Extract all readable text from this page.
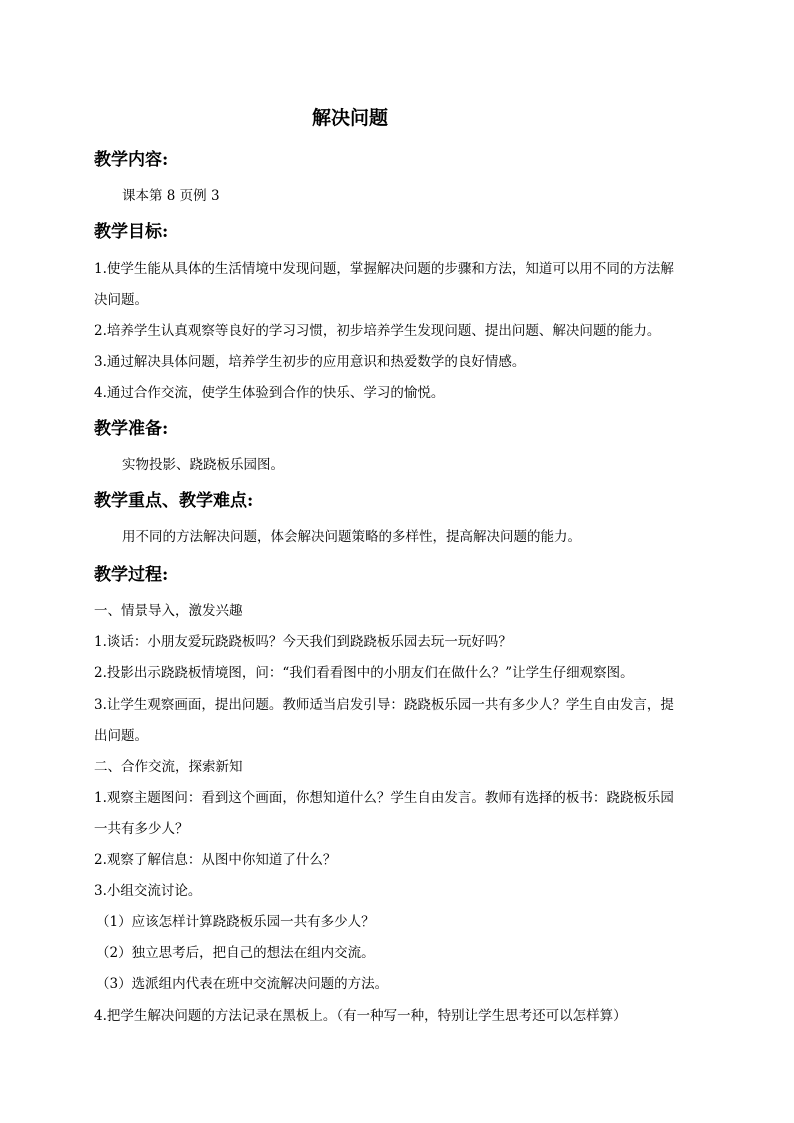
解决问题
教学内容:
课本第 8 页例 3
教学目标:
1.使学生能从具体的生活情境中发现问题，掌握解决问题的步骤和方法，知道可以用不同的方法解
决问题。
2.培养学生认真观察等良好的学习习惯，初步培养学生发现问题、提出问题、解决问题的能力。
3.通过解决具体问题，培养学生初步的应用意识和热爱数学的良好情感。
4.通过合作交流，使学生体验到合作的快乐、学习的愉悦。
教学准备:
实物投影、跷跷板乐园图。
教学重点、教学难点:
用不同的方法解决问题，体会解决问题策略的多样性，提高解决问题的能力。
教学过程:
一、情景导入，激发兴趣
1.谈话：小朋友爱玩跷跷板吗？今天我们到跷跷板乐园去玩一玩好吗？
2.投影出示跷跷板情境图，问：“我们看看图中的小朋友们在做什么？”让学生仔细观察图。
3.让学生观察画面，提出问题。教师适当启发引导：跷跷板乐园一共有多少人？学生自由发言，提
出问题。
二、合作交流，探索新知
1.观察主题图问：看到这个画面，你想知道什么？学生自由发言。教师有选择的板书：跷跷板乐园
一共有多少人？
2.观察了解信息：从图中你知道了什么？
3.小组交流讨论。
（1）应该怎样计算跷跷板乐园一共有多少人？
（2）独立思考后，把自己的想法在组内交流。
（3）选派组内代表在班中交流解决问题的方法。
4.把学生解决问题的方法记录在黑板上。（有一种写一种，特别让学生思考还可以怎样算）
